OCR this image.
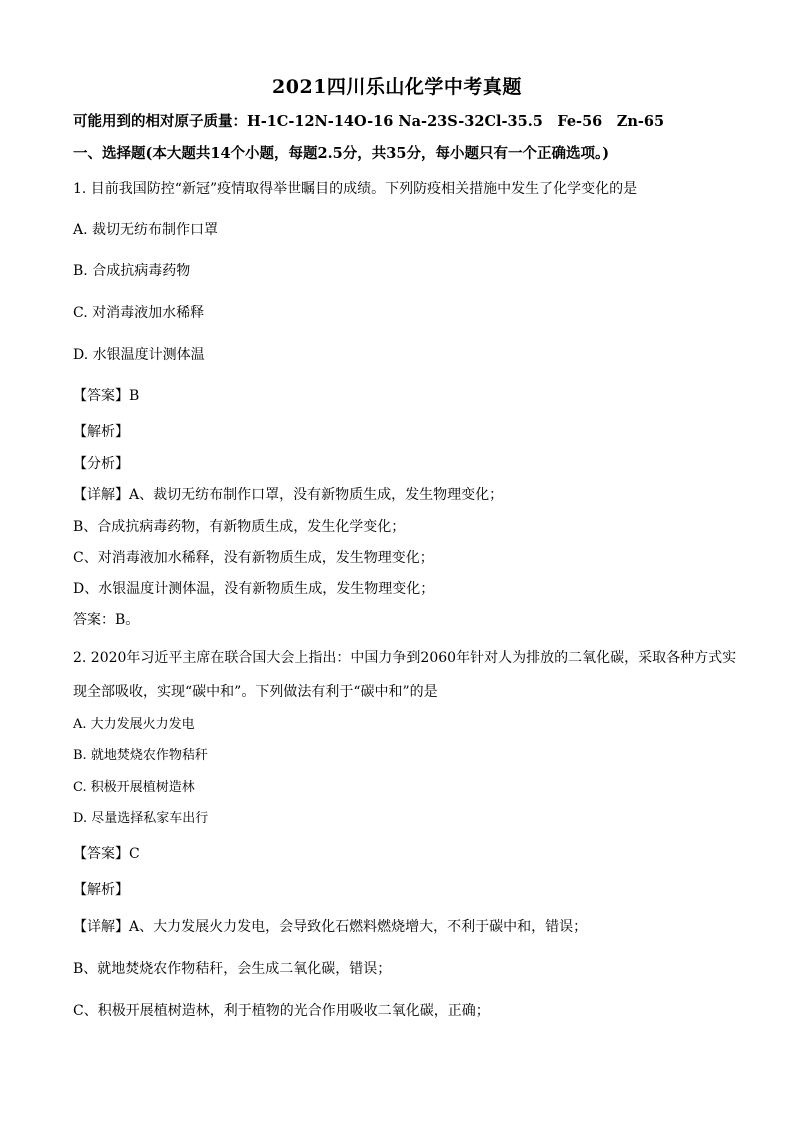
2021四川乐山化学中考真题
可能用到的相对原子质量：H-1C-12N-14O-16 Na-23S-32Cl-35.5　Fe-56　Zn-65
一、选择题(本大题共14个小题，每题2.5分，共35分，每小题只有一个正确选项。)
1. 目前我国防控“新冠”疫情取得举世瞩目的成绩。下列防疫相关措施中发生了化学变化的是
A. 裁切无纺布制作口罩
B. 合成抗病毒药物
C. 对消毒液加水稀释
D. 水银温度计测体温
【答案】B
【解析】
【分析】
【详解】A、裁切无纺布制作口罩，没有新物质生成，发生物理变化；
B、合成抗病毒药物，有新物质生成，发生化学变化；
C、对消毒液加水稀释，没有新物质生成，发生物理变化；
D、水银温度计测体温，没有新物质生成，发生物理变化；
答案：B。
2. 2020年习近平主席在联合国大会上指出：中国力争到2060年针对人为排放的二氧化碳，采取各种方式实
现全部吸收，实现“碳中和”。下列做法有利于“碳中和”的是
A. 大力发展火力发电
B. 就地焚烧农作物秸秆
C. 积极开展植树造林
D. 尽量选择私家车出行
【答案】C
【解析】
【详解】A、大力发展火力发电，会导致化石燃料燃烧增大，不利于碳中和，错误；
B、就地焚烧农作物秸秆，会生成二氧化碳，错误；
C、积极开展植树造林，利于植物的光合作用吸收二氧化碳，正确；
